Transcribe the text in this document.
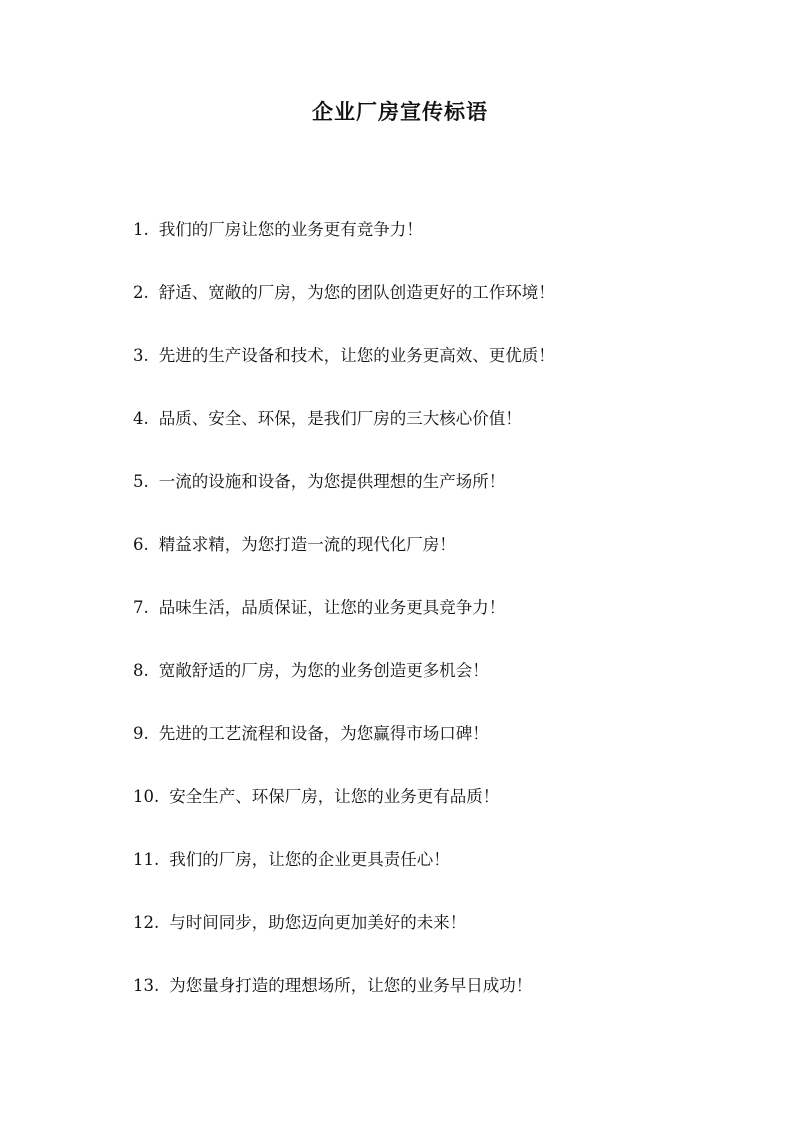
企业厂房宣传标语
1. 我们的厂房让您的业务更有竞争力！
2. 舒适、宽敞的厂房，为您的团队创造更好的工作环境！
3. 先进的生产设备和技术，让您的业务更高效、更优质！
4. 品质、安全、环保，是我们厂房的三大核心价值！
5. 一流的设施和设备，为您提供理想的生产场所！
6. 精益求精，为您打造一流的现代化厂房！
7. 品味生活，品质保证，让您的业务更具竞争力！
8. 宽敞舒适的厂房，为您的业务创造更多机会！
9. 先进的工艺流程和设备，为您赢得市场口碑！
10. 安全生产、环保厂房，让您的业务更有品质！
11. 我们的厂房，让您的企业更具责任心！
12. 与时间同步，助您迈向更加美好的未来！
13. 为您量身打造的理想场所，让您的业务早日成功！
